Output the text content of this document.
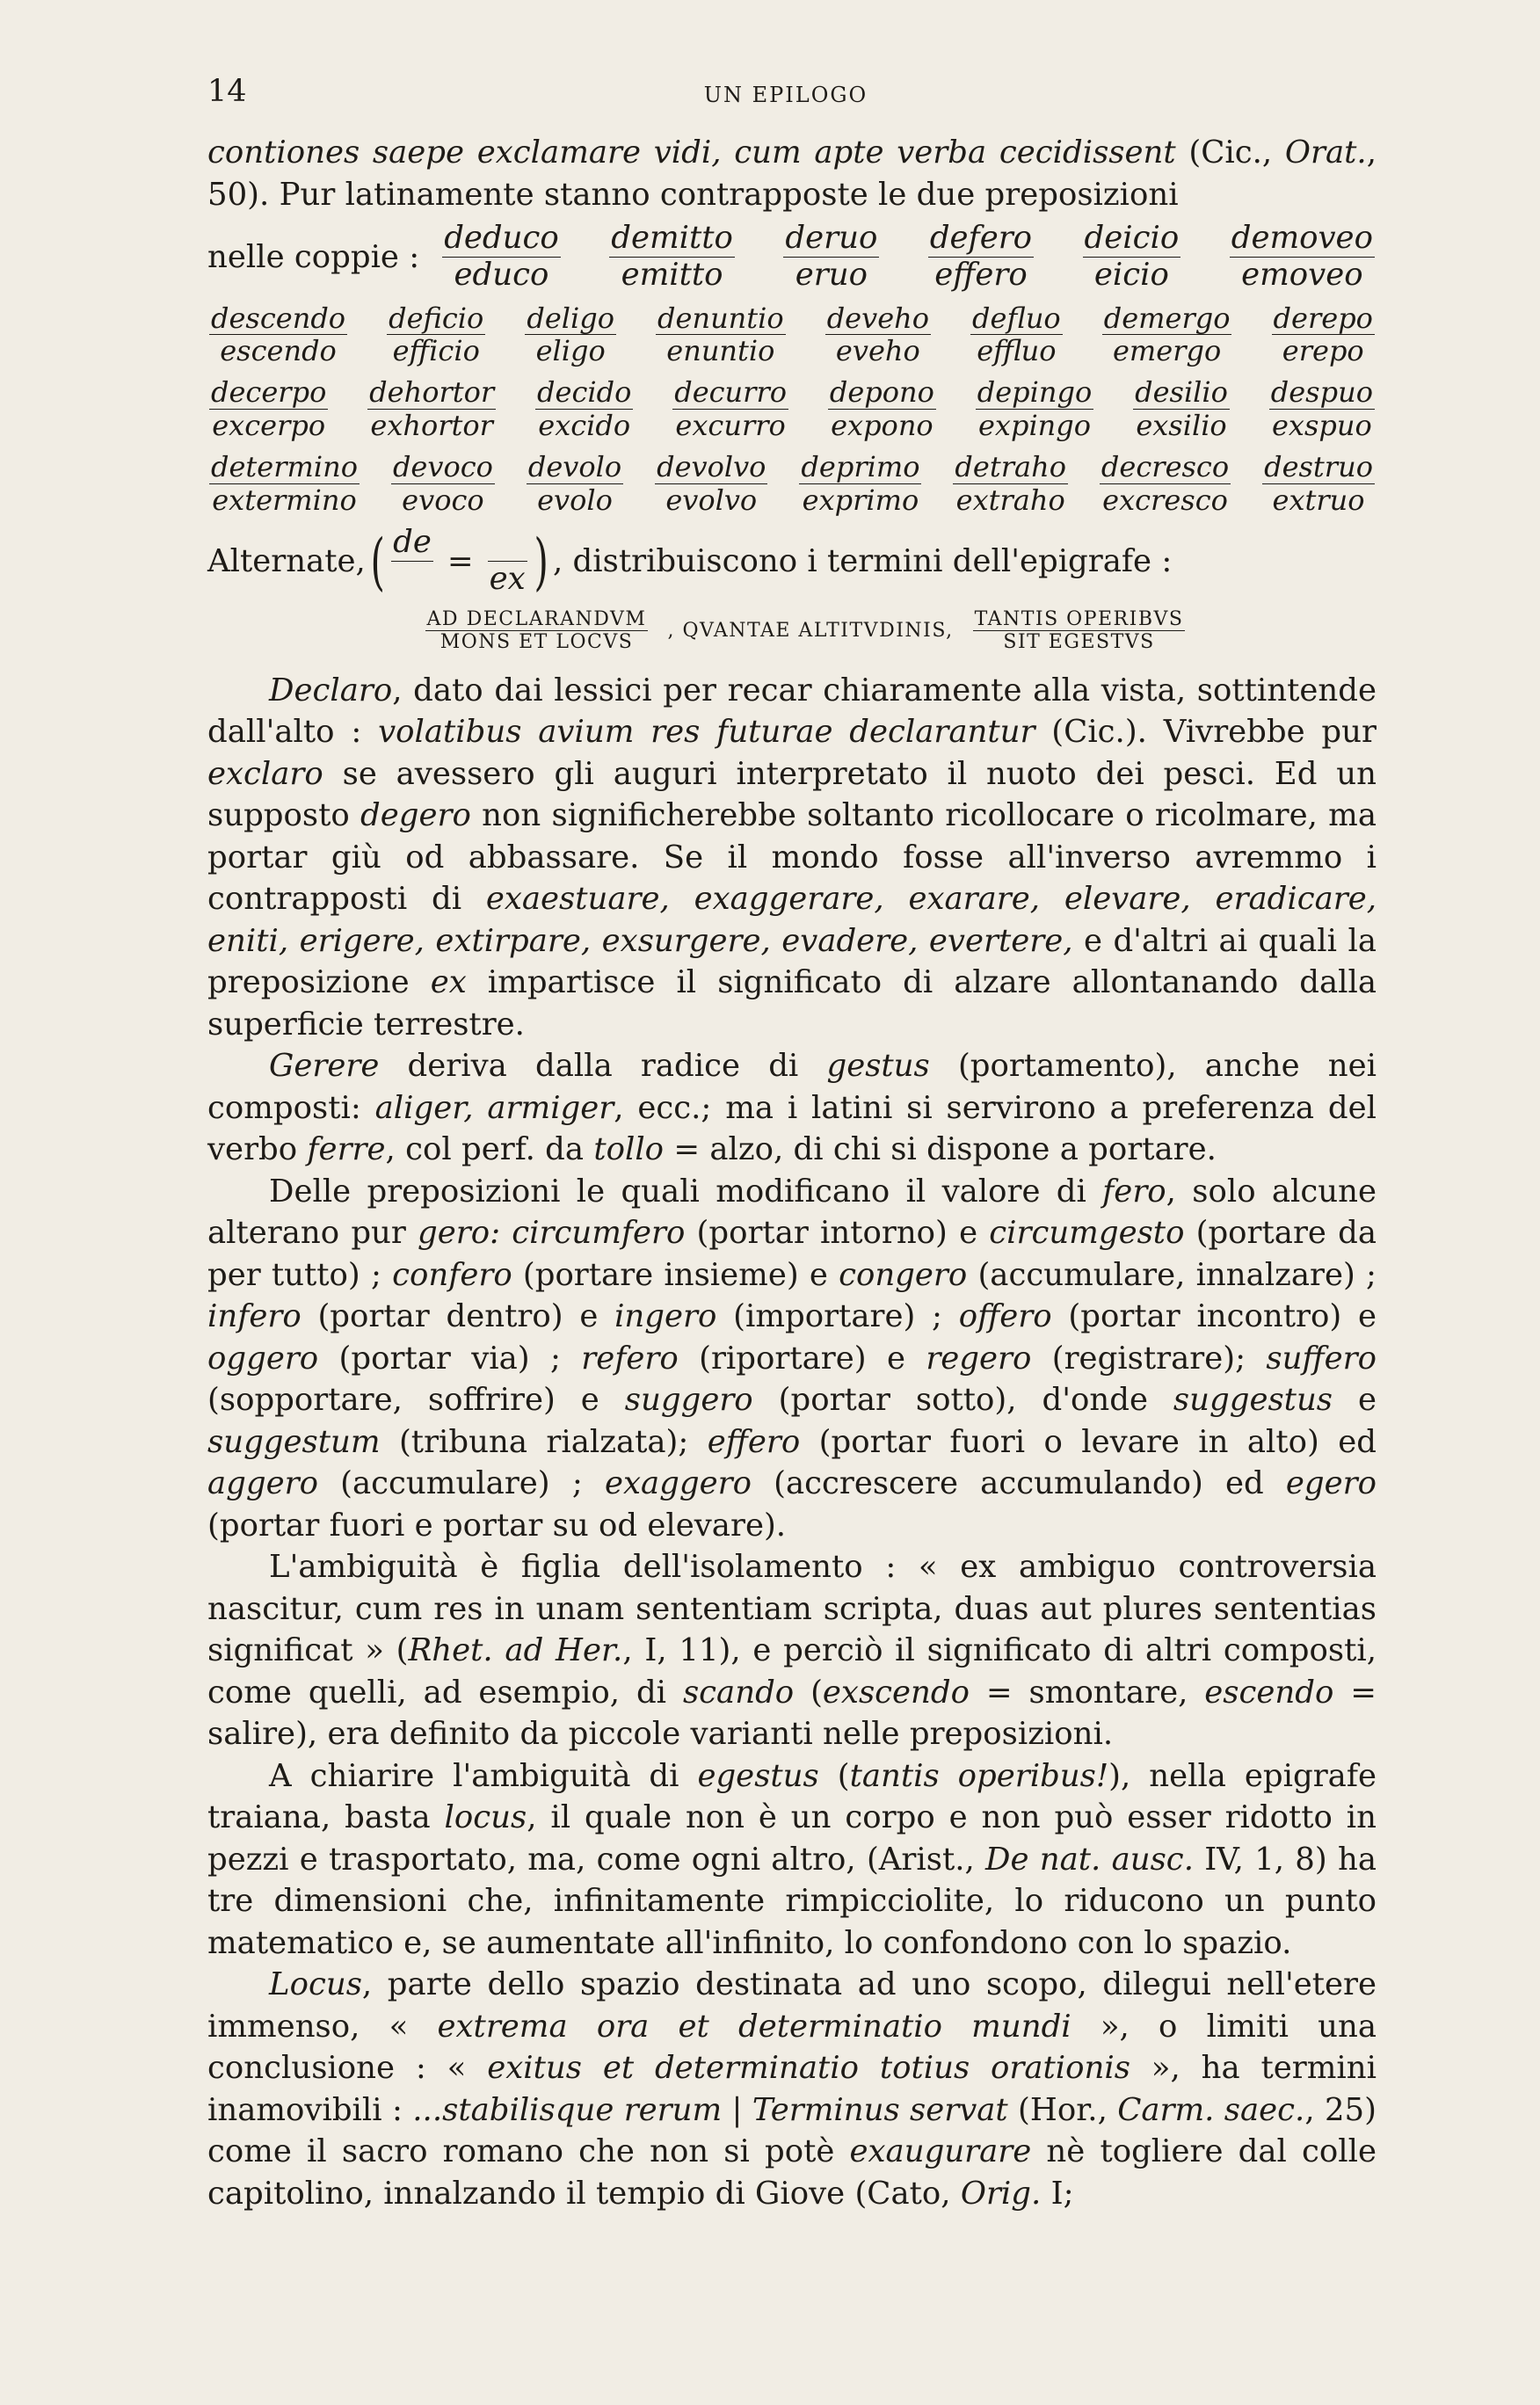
14	UN EPILOGO

contiones saepe exclamare vidi, cum apte verba cecidissent (Cic., Orat., 50). Pur latinamente stanno contrapposte le due preposizioni

nelle coppie : $\frac{\text{deduco}}{\text{educo}} \frac{\text{demitto}}{\text{emitto}} \frac{\text{deruo}}{\text{eruo}} \frac{\text{defero}}{\text{effero}} \frac{\text{deicio}}{\text{eicio}} \frac{\text{demoveo}}{\text{emoveo}}$
$\frac{\text{descendo}}{\text{escendo}} \frac{\text{deficio}}{\text{efficio}} \frac{\text{deligo}}{\text{eligo}} \frac{\text{denuntio}}{\text{enuntio}} \frac{\text{deveho}}{\text{eveho}} \frac{\text{defluo}}{\text{effluo}} \frac{\text{demergo}}{\text{emergo}} \frac{\text{derepo}}{\text{erepo}}$
$\frac{\text{decerpo}}{\text{excerpo}} \frac{\text{dehortor}}{\text{exhortor}} \frac{\text{decido}}{\text{excido}} \frac{\text{decurro}}{\text{excurro}} \frac{\text{depono}}{\text{expono}} \frac{\text{depingo}}{\text{expingo}} \frac{\text{desilio}}{\text{exsilio}} \frac{\text{despuo}}{\text{exspuo}}$
$\frac{\text{determino}}{\text{extermino}} \frac{\text{devoco}}{\text{evoco}} \frac{\text{devolo}}{\text{evolo}} \frac{\text{devolvo}}{\text{evolvo}} \frac{\text{deprimo}}{\text{exprimo}} \frac{\text{detraho}}{\text{extraho}} \frac{\text{decresco}}{\text{excresco}} \frac{\text{destruo}}{\text{extruo}}$
Alternate, ( de

=
ex ) , distribuiscono i termini dell'epigrafe :
$\frac{\text{AD DECLARANDVM}}{\text{MONS ET LOCVS}}$ , QVANTAE ALTITVDINIS, $\frac{\text{TANTIS OPERIBVS}}{\text{SIT EGESTVS}}$

Declaro, dato dai lessici per recar chiaramente alla vista, sottintende dall'alto : volatibus avium res futurae declarantur (Cic.). Vivrebbe pur exclaro se avessero gli auguri interpretato il nuoto dei pesci. Ed un supposto degero non significherebbe soltanto ricollocare o ricolmare, ma portar giù od abbassare. Se il mondo fosse all'inverso avremmo i contrapposti di exaestuare, exaggerare, exarare, elevare, eradicare, eniti, erigere, extirpare, exsurgere, evadere, evertere, e d'altri ai quali la preposizione ex impartisce il significato di alzare allontanando dalla superficie terrestre.

Gerere deriva dalla radice di gestus (portamento), anche nei composti: aliger, armiger, ecc.; ma i latini si servirono a preferenza del verbo ferre, col perf. da tollo = alzo, di chi si dispone a portare.

Delle preposizioni le quali modificano il valore di fero, solo alcune alterano pur gero: circumfero (portar intorno) e circumgesto (portare da per tutto) ; confero (portare insieme) e congero (accumulare, innalzare) ; infero (portar dentro) e ingero (importare) ; offero (portar incontro) e oggero (portar via) ; refero (riportare) e regero (registrare); suffero (sopportare, soffrire) e suggero (portar sotto), d'onde suggestus e suggestum (tribuna rialzata); effero (portar fuori o levare in alto) ed aggero (accumulare) ; exaggero (accrescere accumulando) ed egero (portar fuori e portar su od elevare).

L'ambiguità è figlia dell'isolamento : « ex ambiguo controversia nascitur, cum res in unam sententiam scripta, duas aut plures sententias significat » (Rhet. ad Her., I, 11), e perciò il significato di altri composti, come quelli, ad esempio, di scando (exscendo = smontare, escendo = salire), era definito da piccole varianti nelle preposizioni.

A chiarire l'ambiguità di egestus (tantis operibus!), nella epigrafe traiana, basta locus, il quale non è un corpo e non può esser ridotto in pezzi e trasportato, ma, come ogni altro, (Arist., De nat. ausc. IV, 1, 8) ha tre dimensioni che, infinitamente rimpicciolite, lo riducono un punto matematico e, se aumentate all'infinito, lo confondono con lo spazio.

Locus, parte dello spazio destinata ad uno scopo, dilegui nell'etere immenso, « extrema ora et determinatio mundi », o limiti una conclusione : « exitus et determinatio totius orationis », ha termini inamovibili : ...stabilisque rerum | Terminus servat (Hor., Carm. saec., 25) come il sacro romano che non si potè exaugurare nè togliere dal colle capitolino, innalzando il tempio di Giove (Cato, Orig. I;
